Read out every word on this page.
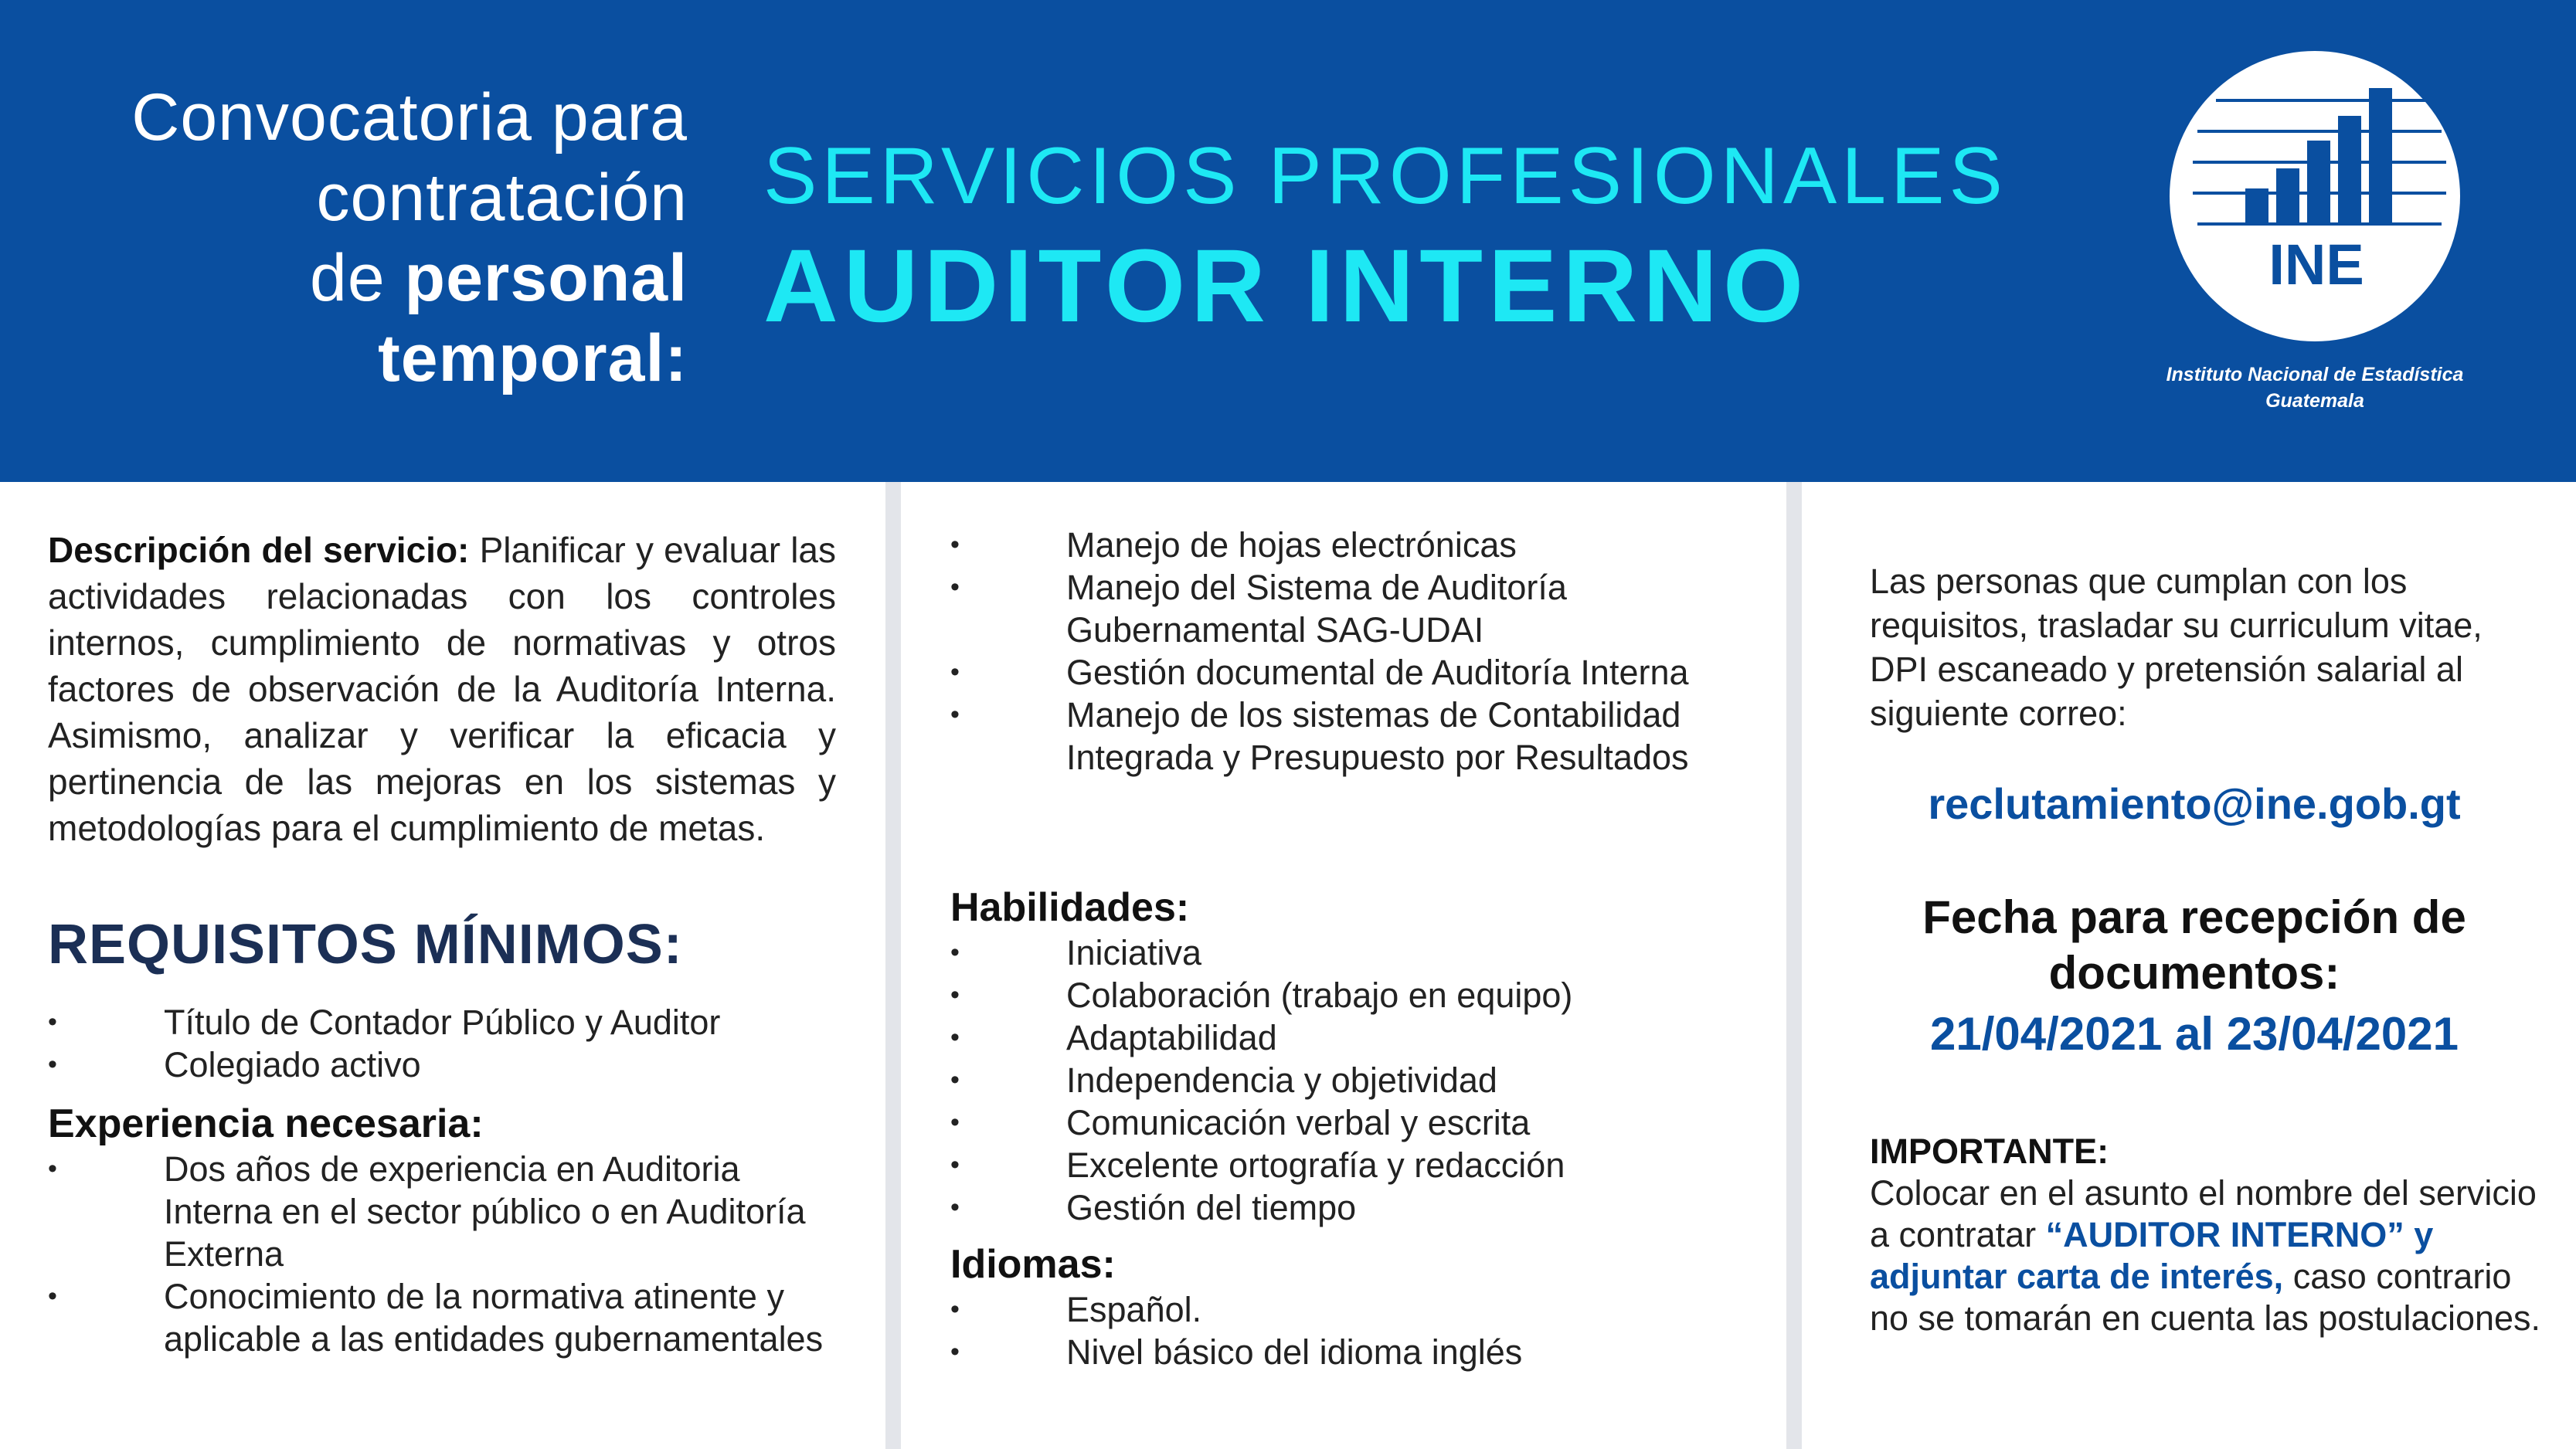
Convocatoria para
contratación
de personal
temporal:
SERVICIOS PROFESIONALES
AUDITOR INTERNO	INE
Instituto Nacional de Estadística
Guatemala

Descripción del servicio: Planificar y evaluar las actividades relacionadas con los controles internos, cumplimiento de normativas y otros factores de observación de la Auditoría Interna. Asimismo, analizar y verificar la eficacia y pertinencia de las mejoras en los sistemas y metodologías para el cumplimiento de metas.

REQUISITOS MÍNIMOS:
• Título de Contador Público y Auditor
• Colegiado activo
Experiencia necesaria:
• Dos años de experiencia en Auditoria Interna en el sector público o en Auditoría Externa
• Conocimiento de la normativa atinente y aplicable a las entidades gubernamentales
• Manejo de hojas electrónicas
• Manejo del Sistema de Auditoría Gubernamental SAG-UDAI
• Gestión documental de Auditoría Interna
• Manejo de los sistemas de Contabilidad Integrada y Presupuesto por Resultados
Habilidades:
• Iniciativa
• Colaboración (trabajo en equipo)
• Adaptabilidad
• Independencia y objetividad
• Comunicación verbal y escrita
• Excelente ortografía y redacción
• Gestión del tiempo
Idiomas:
• Español.
• Nivel básico del idioma inglés

Las personas que cumplan con los requisitos, trasladar su curriculum vitae, DPI escaneado y pretensión salarial al siguiente correo:

reclutamiento@ine.gob.gt
Fecha para recepción de documentos:
21/04/2021 al 23/04/2021
IMPORTANTE:
Colocar en el asunto el nombre del servicio a contratar “AUDITOR INTERNO” y adjuntar carta de interés, caso contrario no se tomarán en cuenta las postulaciones.
